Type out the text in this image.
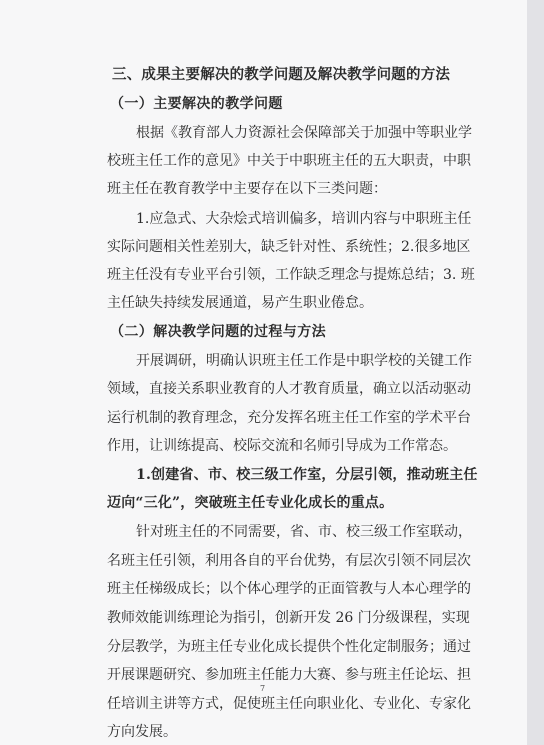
三、成果主要解决的教学问题及解决教学问题的方法
（一）主要解决的教学问题
根据《教育部人力资源社会保障部关于加强中等职业学
校班主任工作的意见》中关于中职班主任的五大职责，中职
班主任在教育教学中主要存在以下三类问题：
1.应急式、大杂烩式培训偏多，培训内容与中职班主任
实际问题相关性差别大，缺乏针对性、系统性；2.很多地区
班主任没有专业平台引领，工作缺乏理念与提炼总结；3. 班
主任缺失持续发展通道，易产生职业倦怠。
（二）解决教学问题的过程与方法
开展调研，明确认识班主任工作是中职学校的关键工作
领域，直接关系职业教育的人才教育质量，确立以活动驱动
运行机制的教育理念，充分发挥名班主任工作室的学术平台
作用，让训练提高、校际交流和名师引导成为工作常态。
1.创建省、市、校三级工作室，分层引领，推动班主任
迈向“三化”，突破班主任专业化成长的重点。
针对班主任的不同需要，省、市、校三级工作室联动，
名班主任引领，利用各自的平台优势，有层次引领不同层次
班主任梯级成长；以个体心理学的正面管教与人本心理学的
教师效能训练理论为指引，创新开发 26 门分级课程，实现
分层教学，为班主任专业化成长提供个性化定制服务；通过
开展课题研究、参加班主任能力大赛、参与班主任论坛、担
任培训主讲等方式，促使班主任向职业化、专业化、专家化
方向发展。
7
